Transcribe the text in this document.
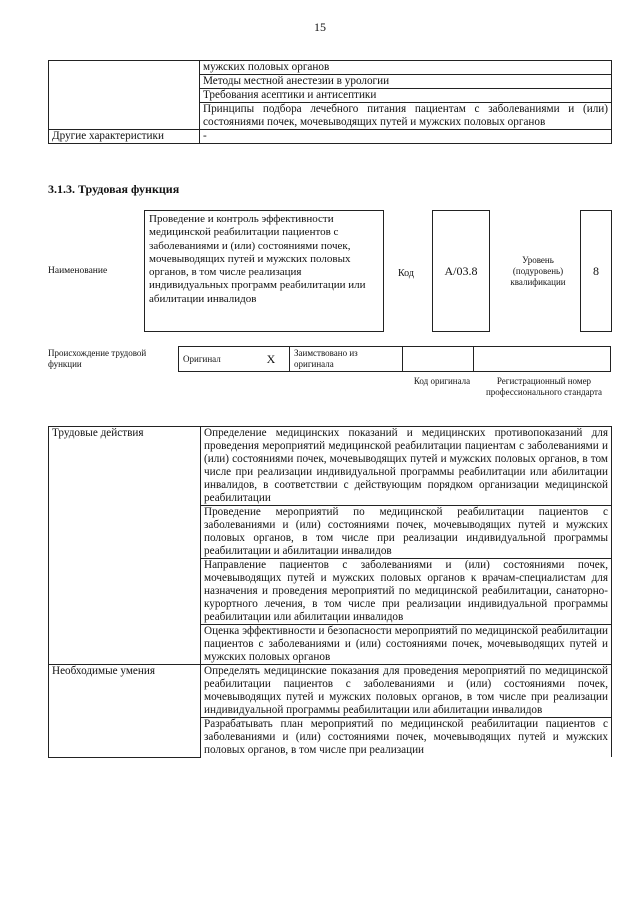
15
	мужских половых органов
	Методы местной анестезии в урологии
	Требования асептики и антисептики
	Принципы подбора лечебного питания пациентам с заболеваниями и (или) состояниями почек, мочевыводящих путей и мужских половых органов
Другие характеристики	-
3.1.3. Трудовая функция
Наименование
Проведение и контроль эффективности медицинской реабилитации пациентов с заболеваниями и (или) состояниями почек, мочевыводящих путей и мужских половых органов, в том числе реализация индивидуальных программ реабилитации или абилитации инвалидов
Код	A/03.8
Уровень (подуровень) квалификации
8
Происхождение трудовой функции	Оригинал	X	Заимствовано из оригинала		
Код оригинала	Регистрационный номер профессионального стандарта
Трудовые действия	Определение медицинских показаний и медицинских противопоказаний для проведения мероприятий медицинской реабилитации пациентам с заболеваниями и (или) состояниями почек, мочевыводящих путей и мужских половых органов, в том числе при реализации индивидуальной программы реабилитации или абилитации инвалидов, в соответствии с действующим порядком организации медицинской реабилитации
	Проведение мероприятий по медицинской реабилитации пациентов с заболеваниями и (или) состояниями почек, мочевыводящих путей и мужских половых органов, в том числе при реализации индивидуальной программы реабилитации и абилитации инвалидов
	Направление пациентов с заболеваниями и (или) состояниями почек, мочевыводящих путей и мужских половых органов к врачам-специалистам для назначения и проведения мероприятий по медицинской реабилитации, санаторно-курортного лечения, в том числе при реализации индивидуальной программы реабилитации или абилитации инвалидов
	Оценка эффективности и безопасности мероприятий по медицинской реабилитации пациентов с заболеваниями и (или) состояниями почек, мочевыводящих путей и мужских половых органов
Необходимые умения	Определять медицинские показания для проведения мероприятий по медицинской реабилитации пациентов с заболеваниями и (или) состояниями почек, мочевыводящих путей и мужских половых органов, в том числе при реализации индивидуальной программы реабилитации или абилитации инвалидов
	Разрабатывать план мероприятий по медицинской реабилитации пациентов с заболеваниями и (или) состояниями почек, мочевыводящих путей и мужских половых органов, в том числе при реализации
